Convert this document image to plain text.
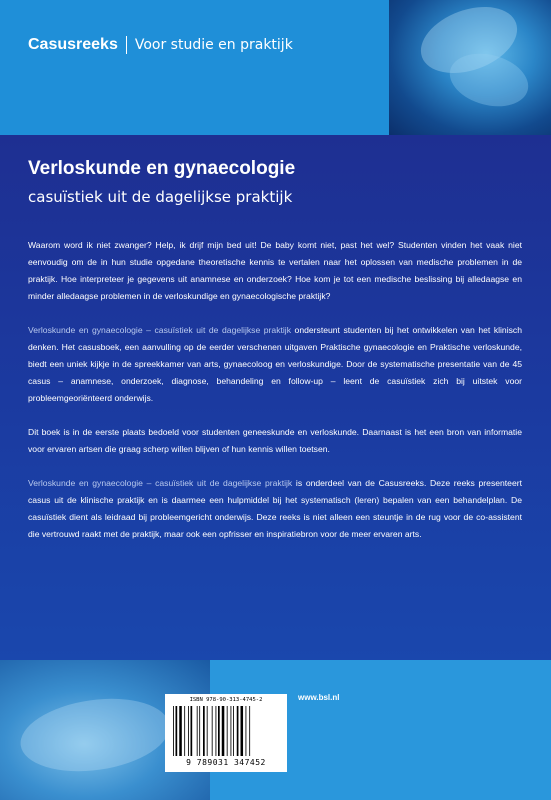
Casusreeks Voor studie en praktijk
Verloskunde en gynaecologie
casuïstiek uit de dagelijkse praktijk

Waarom word ik niet zwanger? Help, ik drijf mijn bed uit! De baby komt niet, past het wel? Studenten vinden het vaak niet eenvoudig om de in hun studie opgedane theoretische kennis te vertalen naar het oplossen van medische problemen in de praktijk. Hoe interpreteer je gegevens uit anamnese en onderzoek? Hoe kom je tot een medische beslissing bij alledaagse en minder alledaagse problemen in de verloskundige en gynaecologische praktijk?

Verloskunde en gynaecologie – casuïstiek uit de dagelijkse praktijk ondersteunt studenten bij het ontwikkelen van het klinisch denken. Het casusboek, een aanvulling op de eerder verschenen uitgaven Praktische gynaecologie en Praktische verloskunde, biedt een uniek kijkje in de spreekkamer van arts, gynaecoloog en verloskundige. Door de systematische presentatie van de 45 casus – anamnese, onderzoek, diagnose, behandeling en follow-up – leent de casuïstiek zich bij uitstek voor probleemgeoriënteerd onderwijs.

Dit boek is in de eerste plaats bedoeld voor studenten geneeskunde en verloskunde. Daarnaast is het een bron van informatie voor ervaren artsen die graag scherp willen blijven of hun kennis willen toetsen.

Verloskunde en gynaecologie – casuïstiek uit de dagelijkse praktijk is onderdeel van de Casusreeks. Deze reeks presenteert casus uit de klinische praktijk en is daarmee een hulpmiddel bij het systematisch (leren) bepalen van een behandelplan. De casuïstiek dient als leidraad bij probleemgericht onderwijs. Deze reeks is niet alleen een steuntje in de rug voor de co-assistent die vertrouwd raakt met de praktijk, maar ook een opfrisser en inspiratiebron voor de meer ervaren arts.

ISBN 978-90-313-4745-2
9 789031 347452
www.bsl.nl
